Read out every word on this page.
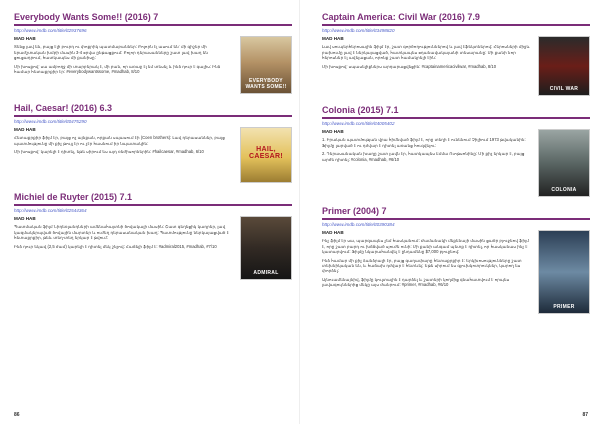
Everybody Wants Some!! (2016) 7
http://www.imdb.com/title/tt2937696
MAD HAB
Տենց լավ են, բայց էլի բուրդ ու փոքրիկ պատմաբաններ: Բոլորն էլ ասում են՝ մի գիշեր մի երաժշտական խմբի մասին 3-4 օրվա ընթացքում: Բոլոր դերասանները շատ լավ խաղ են ցուցադրում, հատկապես մի քանիսը:
Մի խոսքով՝ սա ամբողջ մի տարբերակ է, մի բան, որ առաջ էլ եմ տեսել և ինձ դուր է գալիս: Ինձ համար հետաքրքիր էր: #everybodywantssome, #madhab, 8/10
EVERYBODY WANTS SOME!!
Hail, Caesar! (2016) 6.3
http://www.imdb.com/title/tt0475290
MAD HAB
Հետաքրքիր ֆիլմ էր, բայց ոչ այնքան, որքան սպասում էի (Coen brothers): Լավ դերասաններ, բայց պատմությունը մի քիչ թույլ էր ու չէր հասնում իր նպատակին:
Մի խոսքով՝ կարելի է դիտել, եթե սիրում ես այդ ռեժիսորներին: #hailcaesar, #madhab, 6/10	HAIL, CAESAR!
Michiel de Ruyter (2015) 7.1
http://www.imdb.com/title/tt2544364
MAD HAB
Պատմական ֆիլմ Նիդեռլանդների ամենահայտնի ծովակալի մասին: Շատ գեղեցիկ կադրեր, լավ կազմակերպված ծովային մարտեր և ուժեղ դերասանական խաղ: Պատմությունը ներկայացված է հետաքրքիր, թեև տեղ-տեղ երկար է թվում:
Ինձ դուր եկավ (2,5 ժամ) կարելի է դիտել մեկ շնչով: Հաճելի ֆիլմ է: #admiral2015, #madhab, #7/10
ADMIRAL
86
Captain America: Civil War (2016) 7.9
http://www.imdb.com/title/tt3498820
MAD HAB
Լավ սուպերհերոսային ֆիլմ էր, շատ գործողություններով և լավ էֆեկտներով: Հերոսների միջև բախումը լավ է ներկայացված, հատկապես օդանավակայանի տեսարանը: Մի քանի նոր հերոսներ էլ ավելացան, որոնք շատ համակրելի էին:
Մի խոսքով՝ սպասելիքներս արդարացվեցին: #captainamericacivilwar, #madhab, 8/10
CIVIL WAR
Colonia (2015) 7.1
http://www.imdb.com/title/tt4005402
MAD HAB
1. Իրական պատմության վրա հիմնված ֆիլմ է, որը տեղի է ունենում Չիլիում 1973 թվականին: Ֆիլմը լարված է ու դժվար է դիտել առանց հուզվելու:
2. Դերասանական խաղը շատ լավն էր, հատկապես Էմմա Ուոթսոնինը: Մի քիչ երկար է, բայց արժե դիտել: #colonia, #madhab, #6/10
COLONIA
Primer (2004) 7
http://www.imdb.com/title/tt0390384
MAD HAB
Ինչ ֆիլմ էր սա, պարզապես չեմ հասկանում: Ժամանակի մեքենայի մասին ցածր բյուջեով ֆիլմ է, որը շատ բարդ ու խճճված սյուժե ունի: Մի քանի անգամ պետք է դիտել, որ հասկանաս ինչ է կատարվում: Ֆիլմը նկարահանվել է ընդամենը $7,000 բյուջեով:
Ինձ համար մի քիչ ձանձրալի էր, բայց գաղափարը հետաքրքիր է: Երկխոսությունները շատ տեխնիկական են, և հաճախ դժվար է հետևել: Եթե սիրում ես գլուխկոտրուկներ, կարող ես փորձել:
Այնուամենայնիվ, ֆիլմը կուլտային է դարձել և շատերի կողմից գնահատվում է որպես լավագույններից մեկը այս ժանրում: #primer, #madhab, #6/10
PRIMER
87
